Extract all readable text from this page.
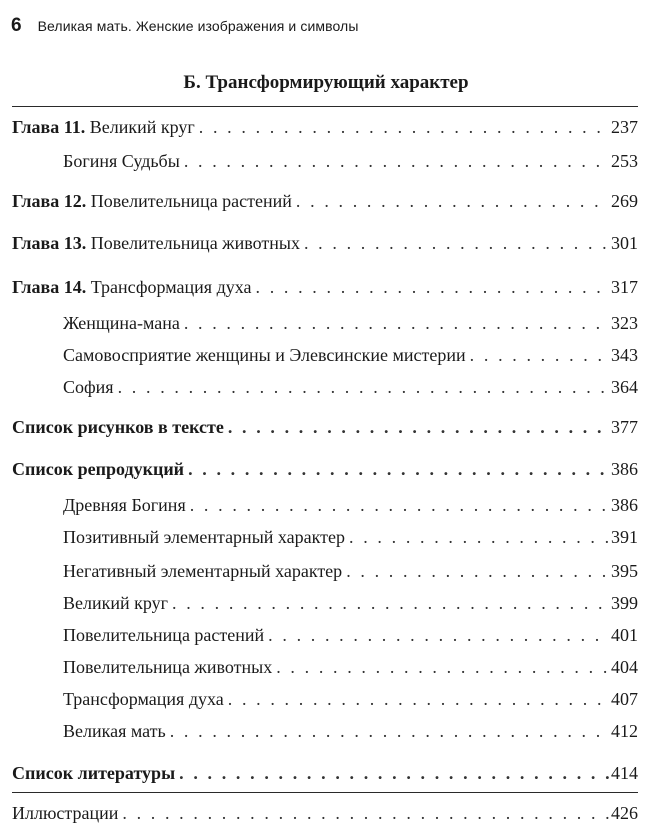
6 Великая мать. Женские изображения и символы
Б. Трансформирующий характер
Глава 11. Великий круг . . .	237
Богиня Судьбы . . .	253
Глава 12. Повелительница растений . . .	269
Глава 13. Повелительница животных . . .	301
Глава 14. Трансформация духа . . .	317
Женщина-мана . . .	323
Самовосприятие женщины и Элевсинские мистерии . . .	343
София . . .	364
Список рисунков в тексте . . .	377
Список репродукций . . .	386
Древняя Богиня . . .	386
Позитивный элементарный характер . . .	391
Негативный элементарный характер . . .	395
Великий круг . . .	399
Повелительница растений . . .	401
Повелительница животных . . .	404
Трансформация духа . . .	407
Великая мать . . .	412
Список литературы . . .	414
Иллюстрации . . .	426
